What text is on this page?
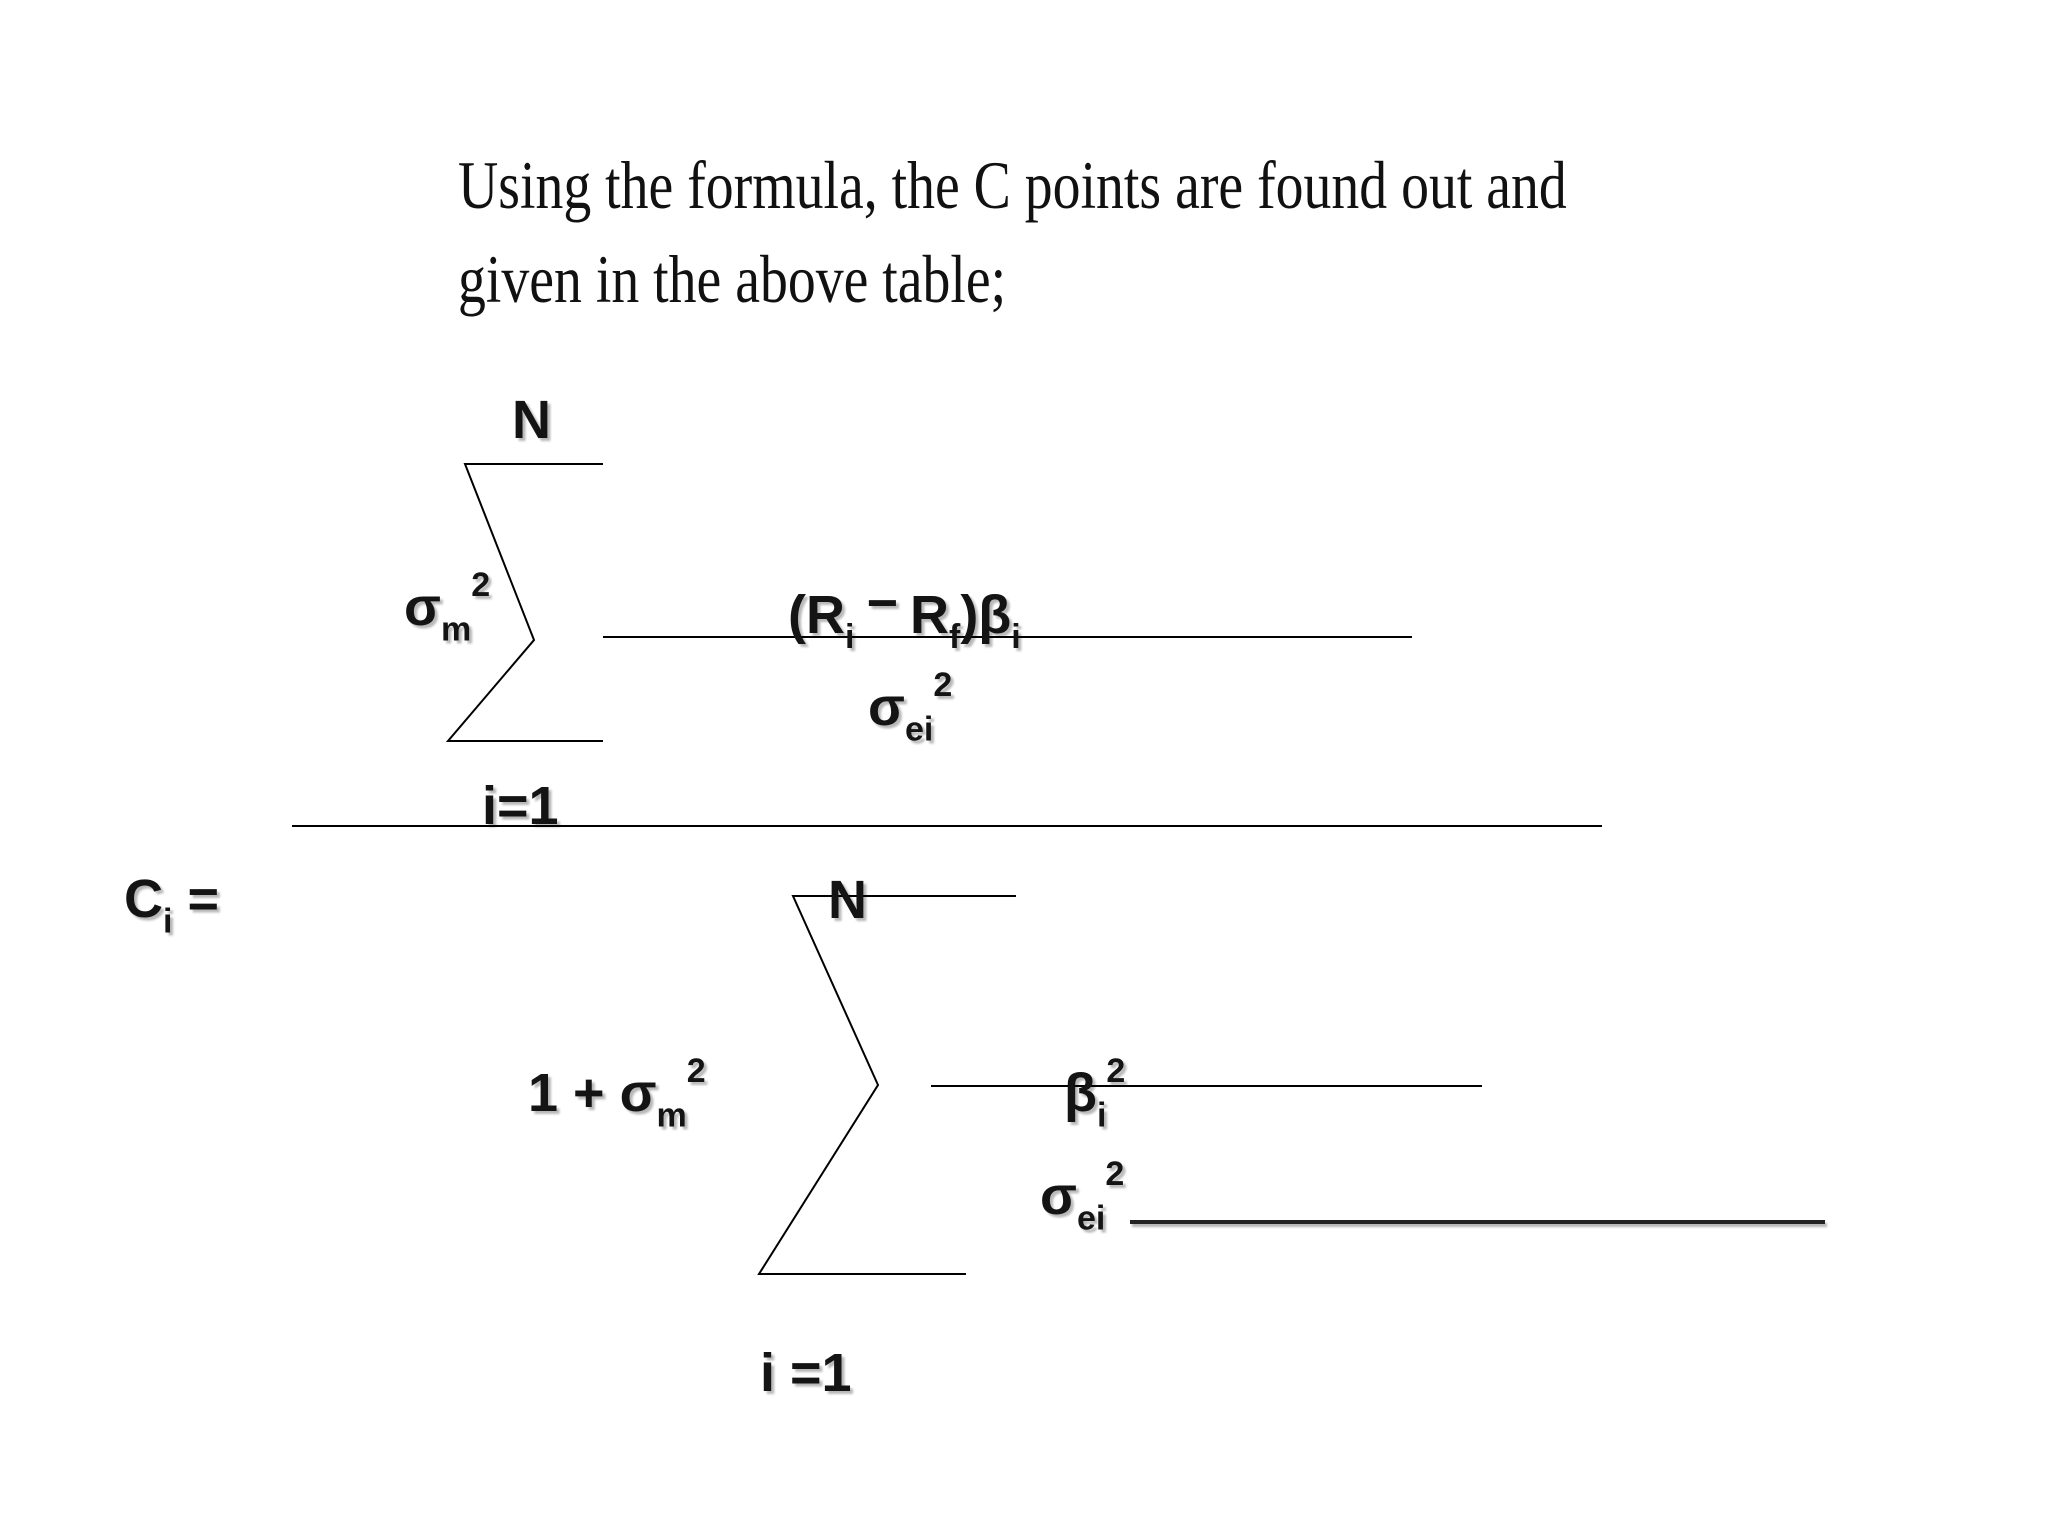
Using the formula, the C points are found out and
given in the above table;

$C_i$ =
N
i=1
$\sigma_m^2$	$(R_i- R_f)\beta_i$
$\sigma_{ei}^2$
N
i =1
$1 + \sigma_m^2$	$\beta_i^2$
$\sigma_{ei}^2$
